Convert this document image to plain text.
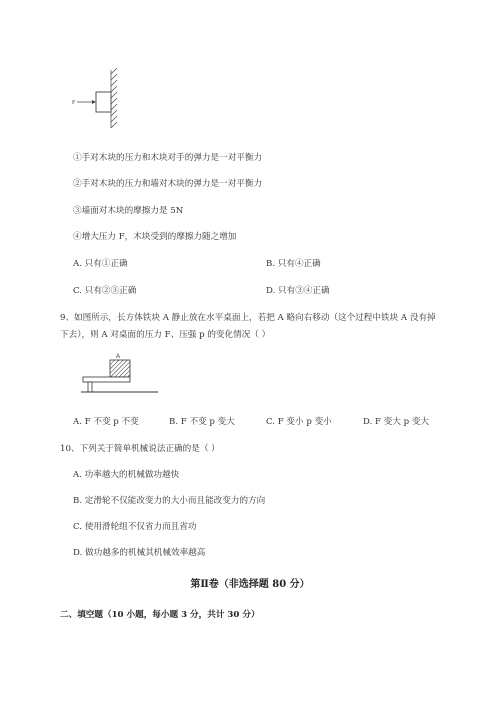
F
①手对木块的压力和木块对手的弹力是一对平衡力
②手对木块的压力和墙对木块的弹力是一对平衡力
③墙面对木块的摩擦力是 5N
④增大压力 F，木块受到的摩擦力随之增加
A. 只有①正确	B. 只有④正确
C. 只有②③正确	D. 只有③④正确
9、如图所示，长方体铁块 A 静止放在水平桌面上，若把 A 略向右移动（这个过程中铁块 A 没有掉下去），则 A 对桌面的压力 F、压强 p 的变化情况（ ）
A
A. F 不变 p 不变	B. F 不变 p 变大	C. F 变小 p 变小	D. F 变大 p 变大
10、下列关于简单机械说法正确的是（ ）
A. 功率越大的机械做功越快
B. 定滑轮不仅能改变力的大小而且能改变力的方向
C. 使用滑轮组不仅省力而且省功
D. 做功越多的机械其机械效率越高
第Ⅱ卷（非选择题 80 分）
二、填空题（10 小题，每小题 3 分，共计 30 分）
